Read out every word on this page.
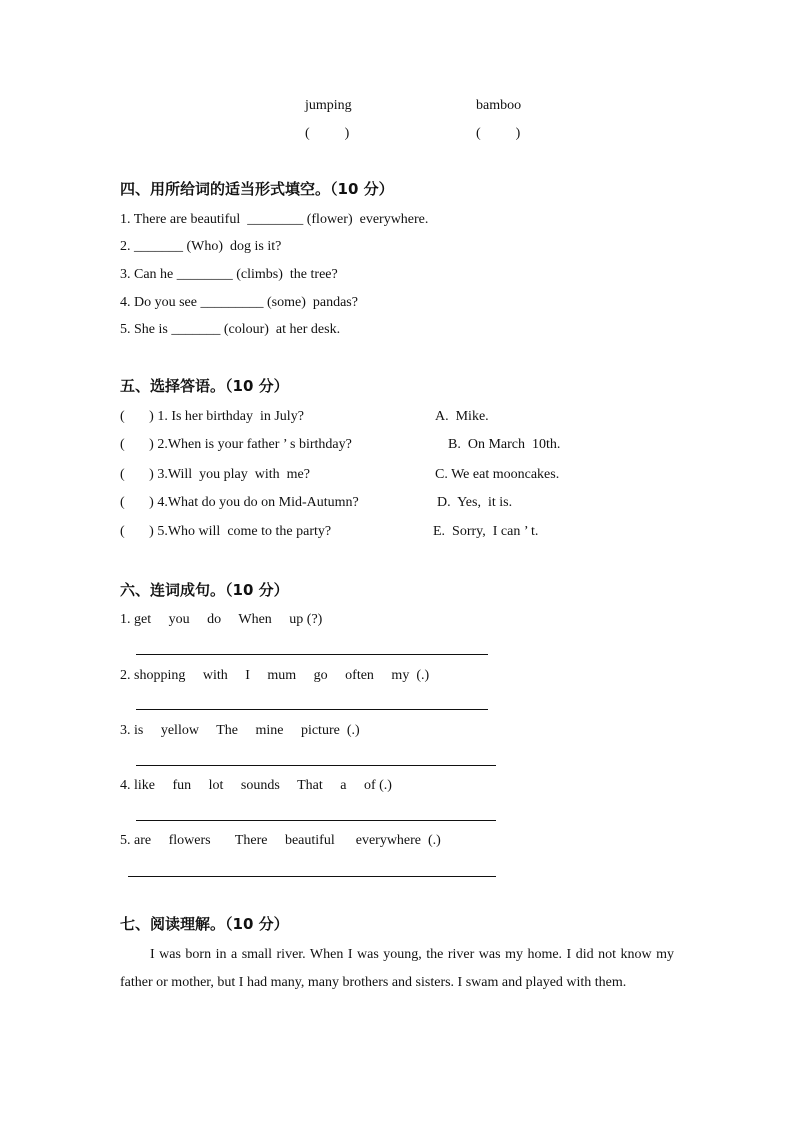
jumping
(          )
bamboo
(          )
四、用所给词的适当形式填空。（10 分）
1. There are beautiful  ________ (flower)  everywhere.
2. _______ (Who)  dog is it?
3. Can he ________ (climbs)  the tree?
4. Do you see _________ (some)  pandas?
5. She is _______ (colour)  at her desk.
五、选择答语。（10 分）
(       ) 1. Is her birthday  in July?
(       ) 2.When is your father ’ s birthday?
(       ) 3.Will  you play  with  me?
(       ) 4.What do you do on Mid-Autumn?
(       ) 5.Who will  come to the party?
A.  Mike.
B.  On March  10th.
C. We eat mooncakes.
D.  Yes,  it is.
E.  Sorry,  I can ’ t.
六、连词成句。（10 分）
1. get     you     do     When     up (?)
2. shopping     with     I     mum     go     often     my  (.)
3. is     yellow     The     mine     picture  (.)
4. like     fun     lot     sounds     That     a     of (.)
5. are     flowers       There     beautiful      everywhere  (.)
七、阅读理解。（10 分）
I was born in a small river. When I was young, the river was my home. I did not know my father or mother, but I had many, many brothers and sisters. I swam and played with them.
